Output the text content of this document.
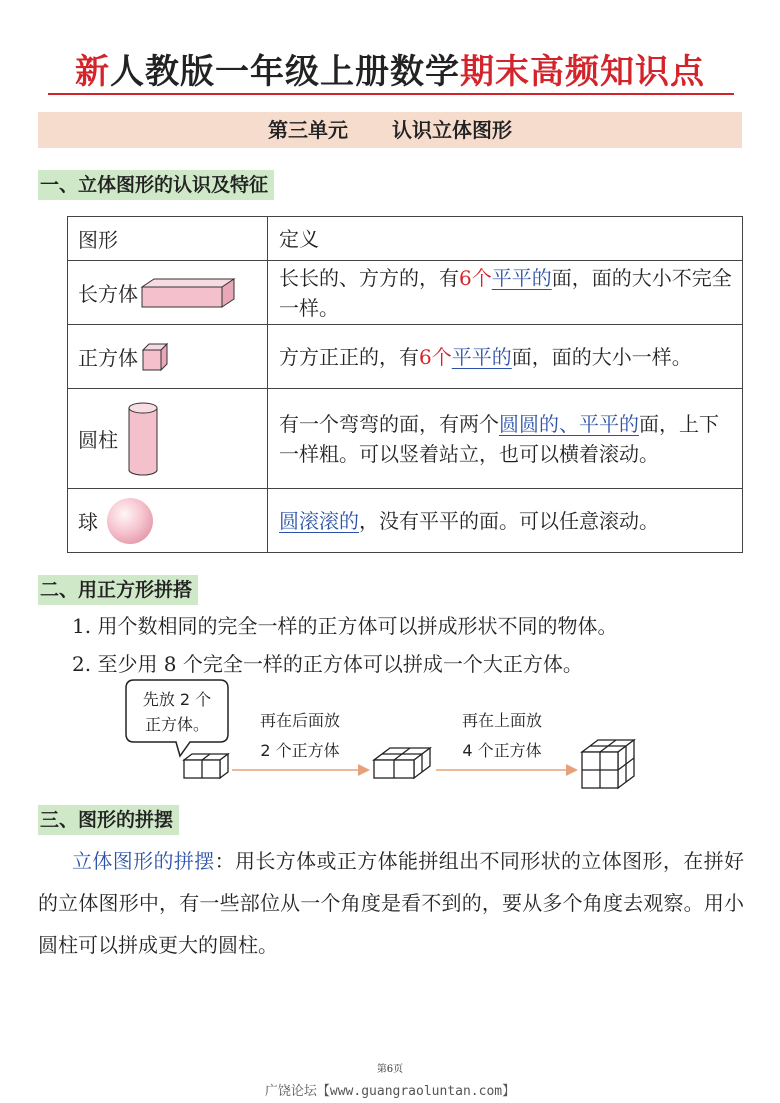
新人教版一年级上册数学期末高频知识点
第三单元 认识立体图形
一、立体图形的认识及特征
图形	定义

长方体	长长的、方方的，有6个平平的面，面的大小不完全一样。

正方体	方方正正的，有6个平平的面，面的大小一样。

圆柱	有一个弯弯的面，有两个圆圆的、平平的面，上下一样粗。可以竖着站立，也可以横着滚动。

球	圆滚滚的，没有平平的面。可以任意滚动。
二、用正方形拼搭
1. 用个数相同的完全一样的正方体可以拼成形状不同的物体。
2. 至少用 8 个完全一样的正方体可以拼成一个大正方体。
先放 2 个
正方体。	再在后面放
2 个正方体
再在上面放
4 个正方体
三、图形的拼摆
立体图形的拼摆：用长方体或正方体能拼组出不同形状的立体图形，在拼好的立体图形中，有一些部位从一个角度是看不到的，要从多个角度去观察。用小圆柱可以拼成更大的圆柱。
第6页
广饶论坛【www.guangraoluntan.com】
